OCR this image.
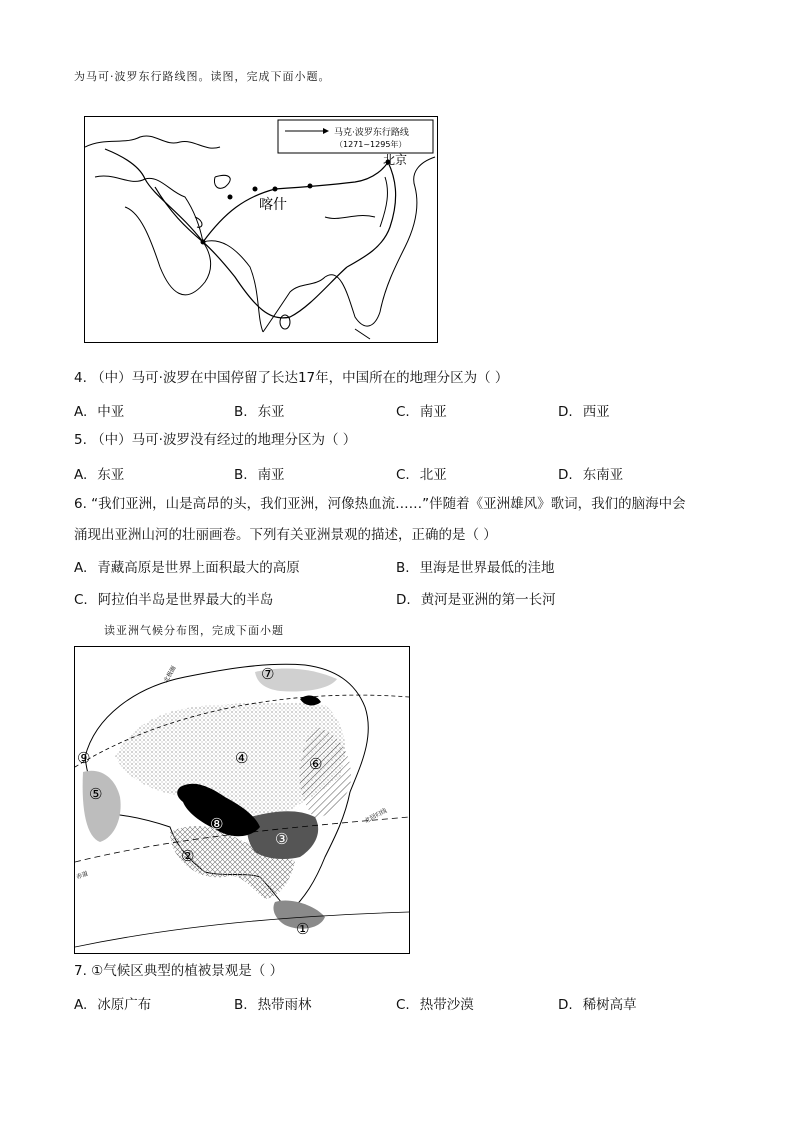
为马可·波罗东行路线图。读图，完成下面小题。
马克·波罗东行路线
（1271~1295年）
北京
喀什
4. （中）马可·波罗在中国停留了长达17年，中国所在的地理分区为（ ）
A. 中亚	B. 东亚	C. 南亚	D. 西亚
5. （中）马可·波罗没有经过的地理分区为（ ）
A. 东亚	B. 南亚	C. 北亚	D. 东南亚
6. “我们亚洲，山是高昂的头，我们亚洲，河像热血流……”伴随着《亚洲雄风》歌词，我们的脑海中会
涌现出亚洲山河的壮丽画卷。下列有关亚洲景观的描述，正确的是（ ）
A. 青藏高原是世界上面积最大的高原	B. 里海是世界最低的洼地
C. 阿拉伯半岛是世界最大的半岛	D. 黄河是亚洲的第一长河
读亚洲气候分布图，完成下面小题
北极圈
北回归线
赤道
①
②
③
④
⑤
⑥
⑦
⑧
⑨
7. ①气候区典型的植被景观是（ ）
A. 冰原广布	B. 热带雨林	C. 热带沙漠	D. 稀树高草
